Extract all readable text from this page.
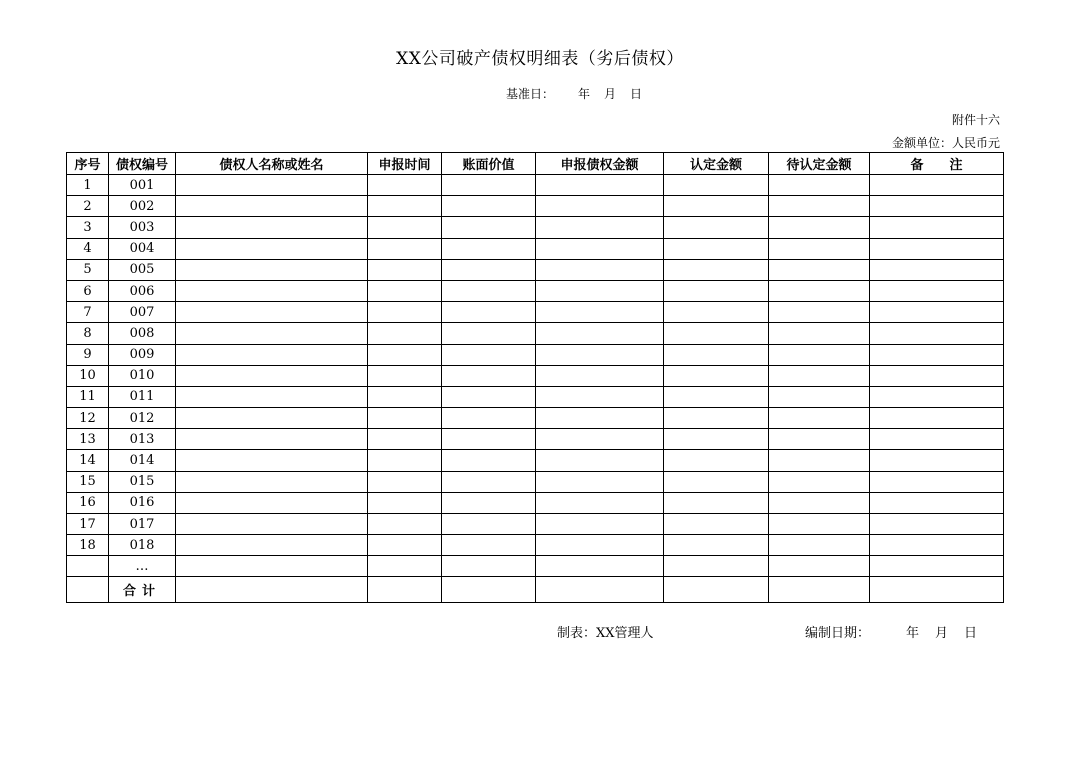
XX公司破产债权明细表（劣后债权）
基准日： 年 月 日
附件十六
金额单位：人民币元
序号	债权编号	债权人名称或姓名	申报时间	账面价值	申报债权金额	认定金额	待认定金额	备　　注
1	001							
2	002							
3	003							
4	004							
5	005							
6	006							
7	007							
8	008							
9	009							
10	010							
11	011							
12	012							
13	013							
14	014							
15	015							
16	016							
17	017							
18	018							
	…							
	合计							
制表：XX管理人	编制日期：	年 月 日
